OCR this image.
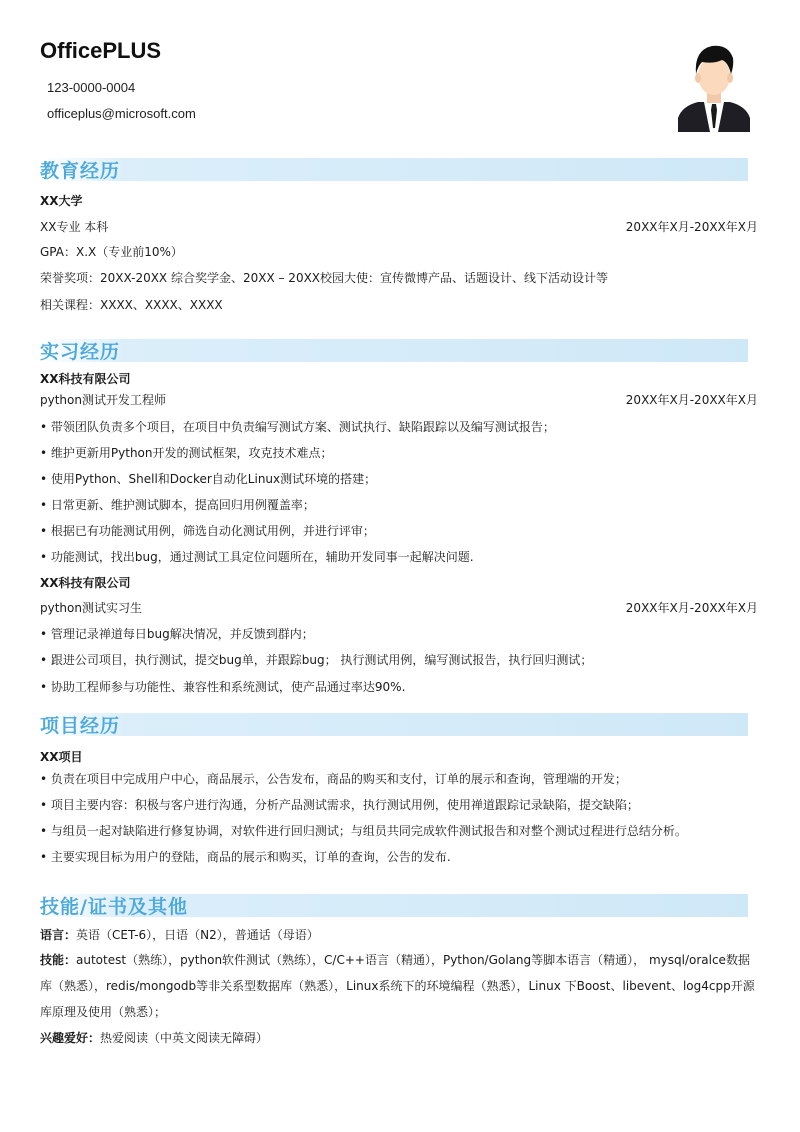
OfficePLUS
123-0000-0004
officeplus@microsoft.com
教育经历
XX大学
XX专业 本科	20XX年X月-20XX年X月
GPA：X.X（专业前10%）
荣誉奖项：20XX-20XX 综合奖学金、20XX – 20XX校园大使：宣传微博产品、话题设计、线下活动设计等
相关课程：XXXX、XXXX、XXXX
实习经历
XX科技有限公司
python测试开发工程师	20XX年X月-20XX年X月
• 带领团队负责多个项目，在项目中负责编写测试方案、测试执行、缺陷跟踪以及编写测试报告；
• 维护更新用Python开发的测试框架，攻克技术难点；
• 使用Python、Shell和Docker自动化Linux测试环境的搭建；
• 日常更新、维护测试脚本，提高回归用例覆盖率；
• 根据已有功能测试用例，筛选自动化测试用例，并进行评审；
• 功能测试，找出bug，通过测试工具定位问题所在，辅助开发同事一起解决问题.
XX科技有限公司
python测试实习生	20XX年X月-20XX年X月
• 管理记录禅道每日bug解决情况，并反馈到群内；
• 跟进公司项目，执行测试，提交bug单，并跟踪bug； 执行测试用例，编写测试报告，执行回归测试；
• 协助工程师参与功能性、兼容性和系统测试，使产品通过率达90%.
项目经历
XX项目
• 负责在项目中完成用户中心，商品展示，公告发布，商品的购买和支付，订单的展示和查询，管理端的开发；
• 项目主要内容：积极与客户进行沟通，分析产品测试需求，执行测试用例，使用禅道跟踪记录缺陷，提交缺陷；
• 与组员一起对缺陷进行修复协调，对软件进行回归测试；与组员共同完成软件测试报告和对整个测试过程进行总结分析。
• 主要实现目标为用户的登陆，商品的展示和购买，订单的查询，公告的发布.
技能/证书及其他
语言：英语（CET-6），日语（N2），普通话（母语）
技能：autotest（熟练），python软件测试（熟练），C/C++语言（精通），Python/Golang等脚本语言（精通）， mysql/oralce数据库（熟悉），redis/mongodb等非关系型数据库（熟悉），Linux系统下的环境编程（熟悉），Linux 下Boost、libevent、log4cpp开源库原理及使用（熟悉）；
兴趣爱好：热爱阅读（中英文阅读无障碍）
